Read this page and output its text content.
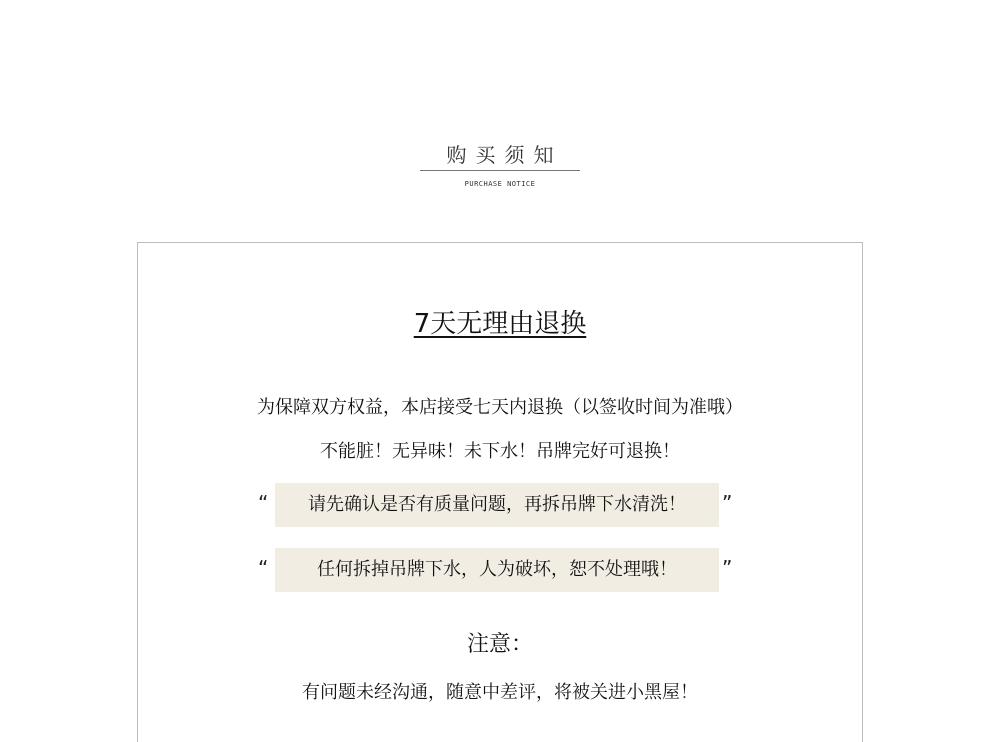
购买须知
PURCHASE NOTICE
7天无理由退换
为保障双方权益，本店接受七天内退换（以签收时间为准哦）
不能脏！无异味！未下水！吊牌完好可退换！
“	请先确认是否有质量问题，再拆吊牌下水清洗！	”
“	任何拆掉吊牌下水，人为破坏，恕不处理哦！	”
注意：
有问题未经沟通，随意中差评，将被关进小黑屋！
